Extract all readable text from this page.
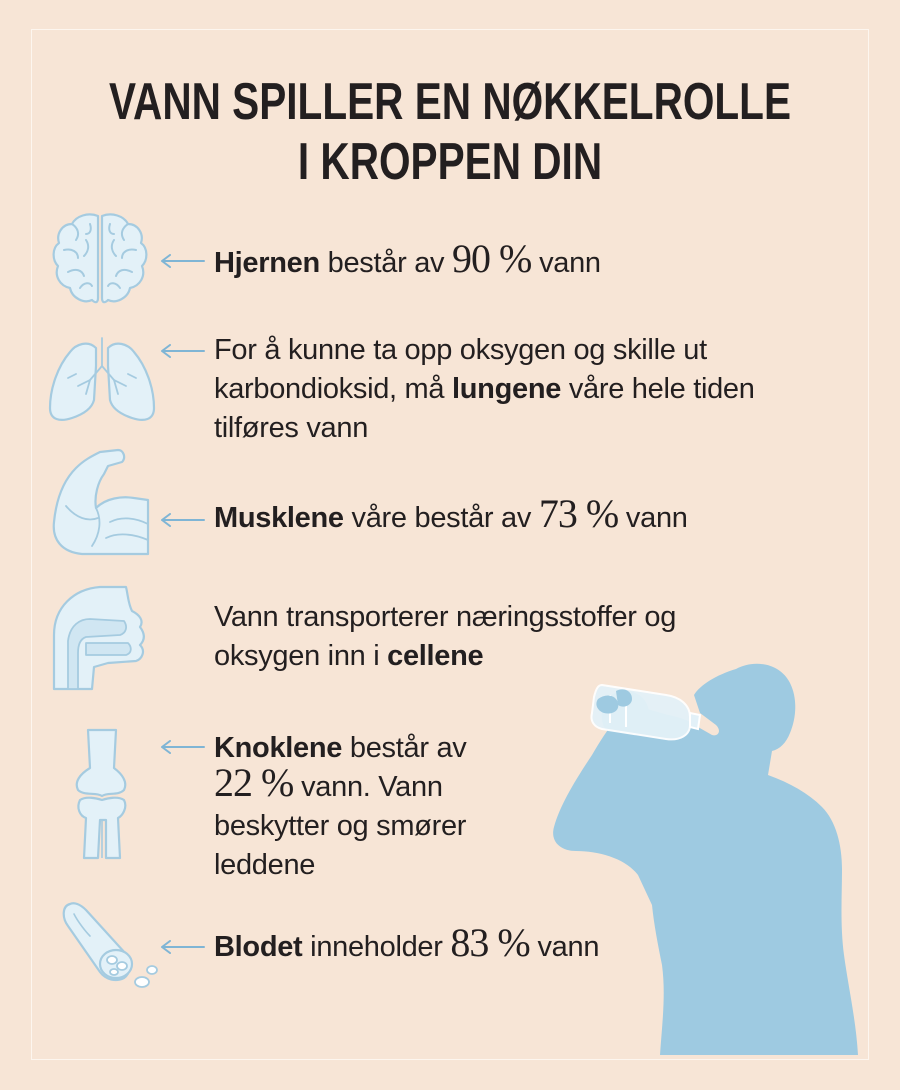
VANN SPILLER EN NØKKELROLLE
I KROPPEN DIN
Hjernen består av 90 % vann
For å kunne ta opp oksygen og skille ut
karbondioksid, må lungene våre hele tiden
tilføres vann
Musklene våre består av 73 % vann
Vann transporterer næringsstoffer og
oksygen inn i cellene
Knoklene består av
22 % vann. Vann
beskytter og smører
leddene
Blodet inneholder 83 % vann
